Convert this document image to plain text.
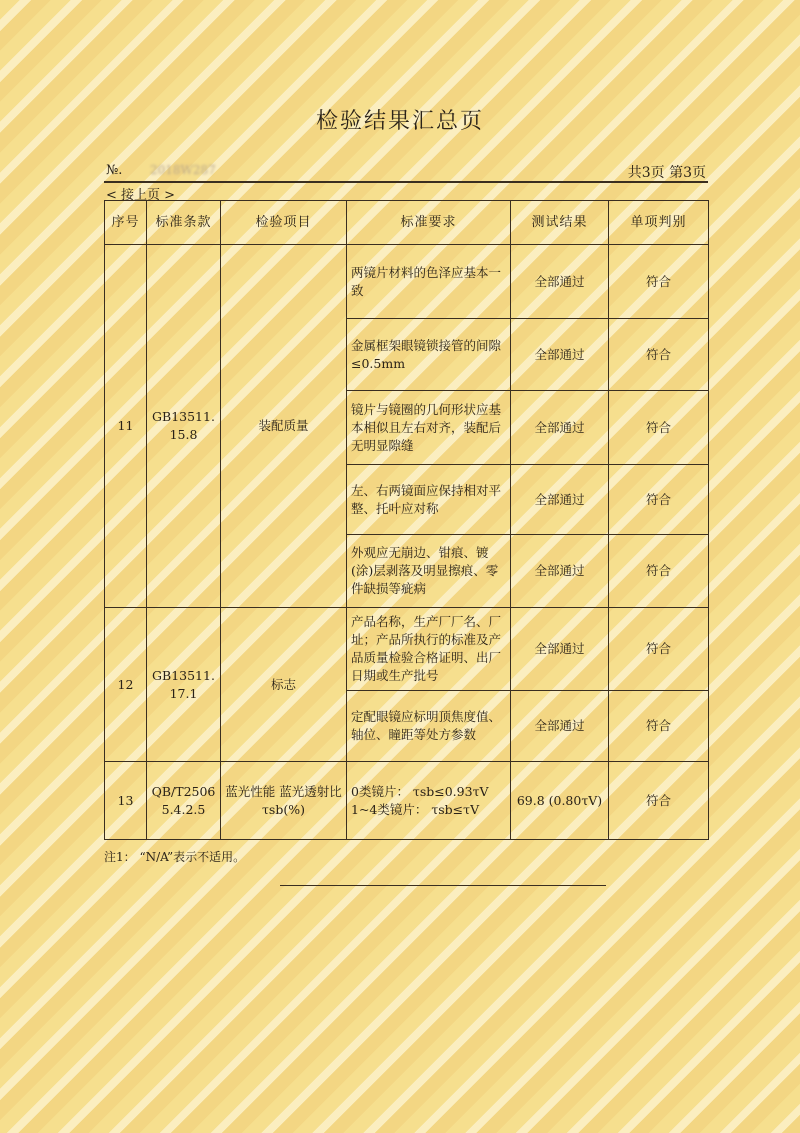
检验结果汇总页
№. 2018W287	共3页 第3页
< 接上页 >
序号	标准条款	检验项目	标准要求	测试结果	单项判别
11	GB13511.15.8	装配质量	两镜片材料的色泽应基本一致	全部通过	符合
			金属框架眼镜锁接管的间隙≤0.5mm	全部通过	符合
			镜片与镜圈的几何形状应基本相似且左右对齐，装配后无明显隙缝	全部通过	符合
			左、右两镜面应保持相对平整、托叶应对称	全部通过	符合
			外观应无崩边、钳痕、镀(涂)层剥落及明显擦痕、零件缺损等疵病	全部通过	符合
12	GB13511.17.1	标志	产品名称，生产厂厂名、厂址；产品所执行的标准及产品质量检验合格证明、出厂日期或生产批号	全部通过	符合
			定配眼镜应标明顶焦度值、轴位、瞳距等处方参数	全部通过	符合
13	QB/T2506 5.4.2.5	蓝光性能 蓝光透射比τsb(%)	0类镜片： τsb≤0.93τV 1~4类镜片： τsb≤τV	69.8 (0.80τV)	符合
注1： “N/A”表示不适用。
